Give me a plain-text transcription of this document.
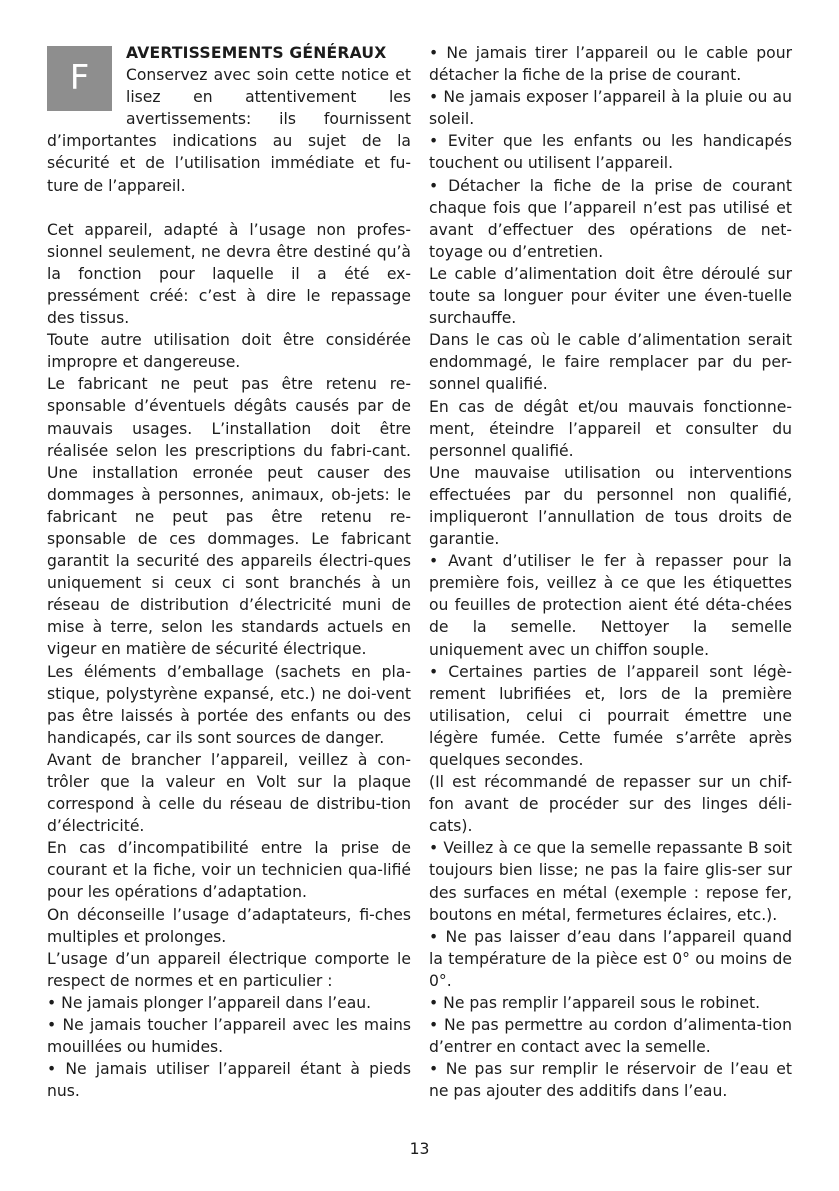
F

AVERTISSEMENTS GÉNÉRAUX

Conservez avec soin cette notice et lisez en attentivement les avertissements: ils fournissent d’importantes indications au sujet de la sécurité et de l’utilisation immédiate et fu-ture de l’appareil.

Cet appareil, adapté à l’usage non profes-sionnel seulement, ne devra être destiné qu’à la fonction pour laquelle il a été ex-pressément créé: c’est à dire le repassage des tissus.

Toute autre utilisation doit être considérée impropre et dangereuse.

Le fabricant ne peut pas être retenu re-sponsable d’éventuels dégâts causés par de mauvais usages. L’installation doit être réalisée selon les prescriptions du fabri-cant. Une installation erronée peut causer des dommages à personnes, animaux, ob-jets: le fabricant ne peut pas être retenu re-sponsable de ces dommages. Le fabricant garantit la securité des appareils électri-ques uniquement si ceux ci sont branchés à un réseau de distribution d’électricité muni de mise à terre, selon les standards actuels en vigeur en matière de sécurité électrique.

Les éléments d’emballage (sachets en pla-stique, polystyrène expansé, etc.) ne doi-vent pas être laissés à portée des enfants ou des handicapés, car ils sont sources de danger.

Avant de brancher l’appareil, veillez à con-trôler que la valeur en Volt sur la plaque correspond à celle du réseau de distribu-tion d’électricité.

En cas d’incompatibilité entre la prise de courant et la fiche, voir un technicien qua-lifié pour les opérations d’adaptation.

On déconseille l’usage d’adaptateurs, fi-ches multiples et prolonges.

L’usage d’un appareil électrique comporte le respect de normes et en particulier :

• Ne jamais plonger l’appareil dans l’eau.

• Ne jamais toucher l’appareil avec les mains mouillées ou humides.

• Ne jamais utiliser l’appareil étant à pieds nus.

• Ne jamais tirer l’appareil ou le cable pour détacher la fiche de la prise de courant.

• Ne jamais exposer l’appareil à la pluie ou au soleil.

• Eviter que les enfants ou les handicapés touchent ou utilisent l’appareil.

• Détacher la fiche de la prise de courant chaque fois que l’appareil n’est pas utilisé et avant d’effectuer des opérations de net-toyage ou d’entretien.

Le cable d’alimentation doit être déroulé sur toute sa longuer pour éviter une éven-tuelle surchauffe.

Dans le cas où le cable d’alimentation serait endommagé, le faire remplacer par du per-sonnel qualifié.

En cas de dégât et/ou mauvais fonctionne-ment, éteindre l’appareil et consulter du personnel qualifié.

Une mauvaise utilisation ou interventions effectuées par du personnel non qualifié, impliqueront l’annullation de tous droits de garantie.

• Avant d’utiliser le fer à repasser pour la première fois, veillez à ce que les étiquettes ou feuilles de protection aient été déta-chées de la semelle. Nettoyer la semelle uniquement avec un chiffon souple.

• Certaines parties de l’appareil sont légè-rement lubrifiées et, lors de la première utilisation, celui ci pourrait émettre une légère fumée. Cette fumée s’arrête après quelques secondes.

(Il est récommandé de repasser sur un chif-fon avant de procéder sur des linges déli-cats).

• Veillez à ce que la semelle repassante B soit toujours bien lisse; ne pas la faire glis-ser sur des surfaces en métal (exemple : repose fer, boutons en métal, fermetures éclaires, etc.).

• Ne pas laisser d’eau dans l’appareil quand la température de la pièce est 0° ou moins de 0°.

• Ne pas remplir l’appareil sous le robinet.

• Ne pas permettre au cordon d’alimenta-tion d’entrer en contact avec la semelle.

• Ne pas sur remplir le réservoir de l’eau et ne pas ajouter des additifs dans l’eau.

13
